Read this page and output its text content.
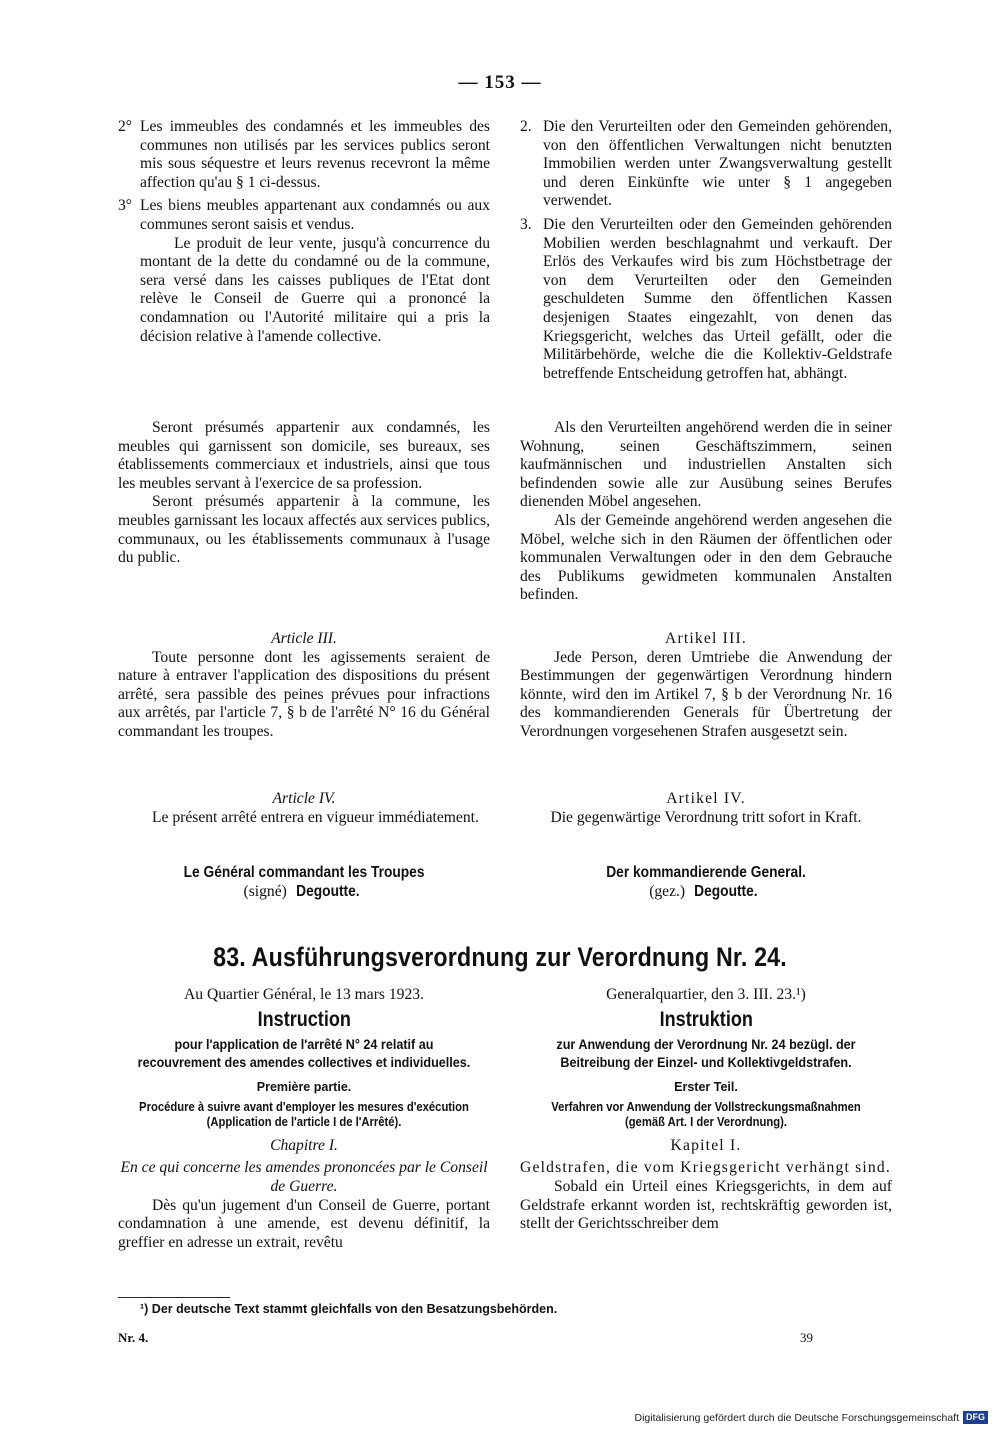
— 153 —
2° Les immeubles des condamnés et les immeubles des communes non utilisés par les services publics seront mis sous séquestre et leurs revenus recevront la même affection qu'au § 1 ci-dessus.
3° Les biens meubles appartenant aux condamnés ou aux communes seront saisis et vendus.

Le produit de leur vente, jusqu'à concurrence du montant de la dette du condamné ou de la commune, sera versé dans les caisses publiques de l'Etat dont relève le Conseil de Guerre qui a prononcé la condamnation ou l'Autorité militaire qui a pris la décision relative à l'amende collective.

2. Die den Verurteilten oder den Gemeinden gehörenden, von den öffentlichen Verwaltungen nicht benutzten Immobilien werden unter Zwangsverwaltung gestellt und deren Einkünfte wie unter § 1 angegeben verwendet.
3. Die den Verurteilten oder den Gemeinden gehörenden Mobilien werden beschlagnahmt und verkauft. Der Erlös des Verkaufes wird bis zum Höchstbetrage der von dem Verurteilten oder den Gemeinden geschuldeten Summe den öffentlichen Kassen desjenigen Staates eingezahlt, von denen das Kriegsgericht, welches das Urteil gefällt, oder die Militärbehörde, welche die die Kollektiv-Geldstrafe betreffende Entscheidung getroffen hat, abhängt.

Seront présumés appartenir aux condamnés, les meubles qui garnissent son domicile, ses bureaux, ses établissements commerciaux et industriels, ainsi que tous les meubles servant à l'exercice de sa profession.

Seront présumés appartenir à la commune, les meubles garnissant les locaux affectés aux services publics, communaux, ou les établissements communaux à l'usage du public.

Als den Verurteilten angehörend werden die in seiner Wohnung, seinen Geschäftszimmern, seinen kaufmännischen und industriellen Anstalten sich befindenden sowie alle zur Ausübung seines Berufes dienenden Möbel angesehen.

Als der Gemeinde angehörend werden angesehen die Möbel, welche sich in den Räumen der öffentlichen oder kommunalen Verwaltungen oder in den dem Gebrauche des Publikums gewidmeten kommunalen Anstalten befinden.

Article III.

Toute personne dont les agissements seraient de nature à entraver l'application des dispositions du présent arrêté, sera passible des peines prévues pour infractions aux arrêtés, par l'article 7, § b de l'arrêté N° 16 du Général commandant les troupes.

Artikel III.

Jede Person, deren Umtriebe die Anwendung der Bestimmungen der gegenwärtigen Verordnung hindern könnte, wird den im Artikel 7, § b der Verordnung Nr. 16 des kommandierenden Generals für Übertretung der Verordnungen vorgesehenen Strafen ausgesetzt sein.

Article IV.

Le présent arrêté entrera en vigueur immédiatement.

Artikel IV.

Die gegenwärtige Verordnung tritt sofort in Kraft.

Le Général commandant les Troupes
(signé) Degoutte.
Der kommandierende General.
(gez.) Degoutte.
83. Ausführungsverordnung zur Verordnung Nr. 24.

Au Quartier Général, le 13 mars 1923.

Instruction

pour l'application de l'arrêté N° 24 relatif au recouvrement des amendes collectives et individuelles.

Première partie.

Procédure à suivre avant d'employer les mesures d'exécution (Application de l'article I de l'Arrêté).

Chapitre I.

En ce qui concerne les amendes prononcées par le Conseil de Guerre.

Dès qu'un jugement d'un Conseil de Guerre, portant condamnation à une amende, est devenu définitif, la greffier en adresse un extrait, revêtu

Generalquartier, den 3. III. 23.¹)

Instruktion

zur Anwendung der Verordnung Nr. 24 bezügl. der Beitreibung der Einzel- und Kollektivgeldstrafen.

Erster Teil.

Verfahren vor Anwendung der Vollstreckungsmaßnahmen (gemäß Art. I der Verordnung).

Kapitel I.

Geldstrafen, die vom Kriegsgericht verhängt sind.

Sobald ein Urteil eines Kriegsgerichts, in dem auf Geldstrafe erkannt worden ist, rechtskräftig geworden ist, stellt der Gerichtsschreiber dem

¹) Der deutsche Text stammt gleichfalls von den Besatzungsbehörden.
Nr. 4.	39
Digitalisierung gefördert durch die Deutsche Forschungsgemeinschaft DFG
